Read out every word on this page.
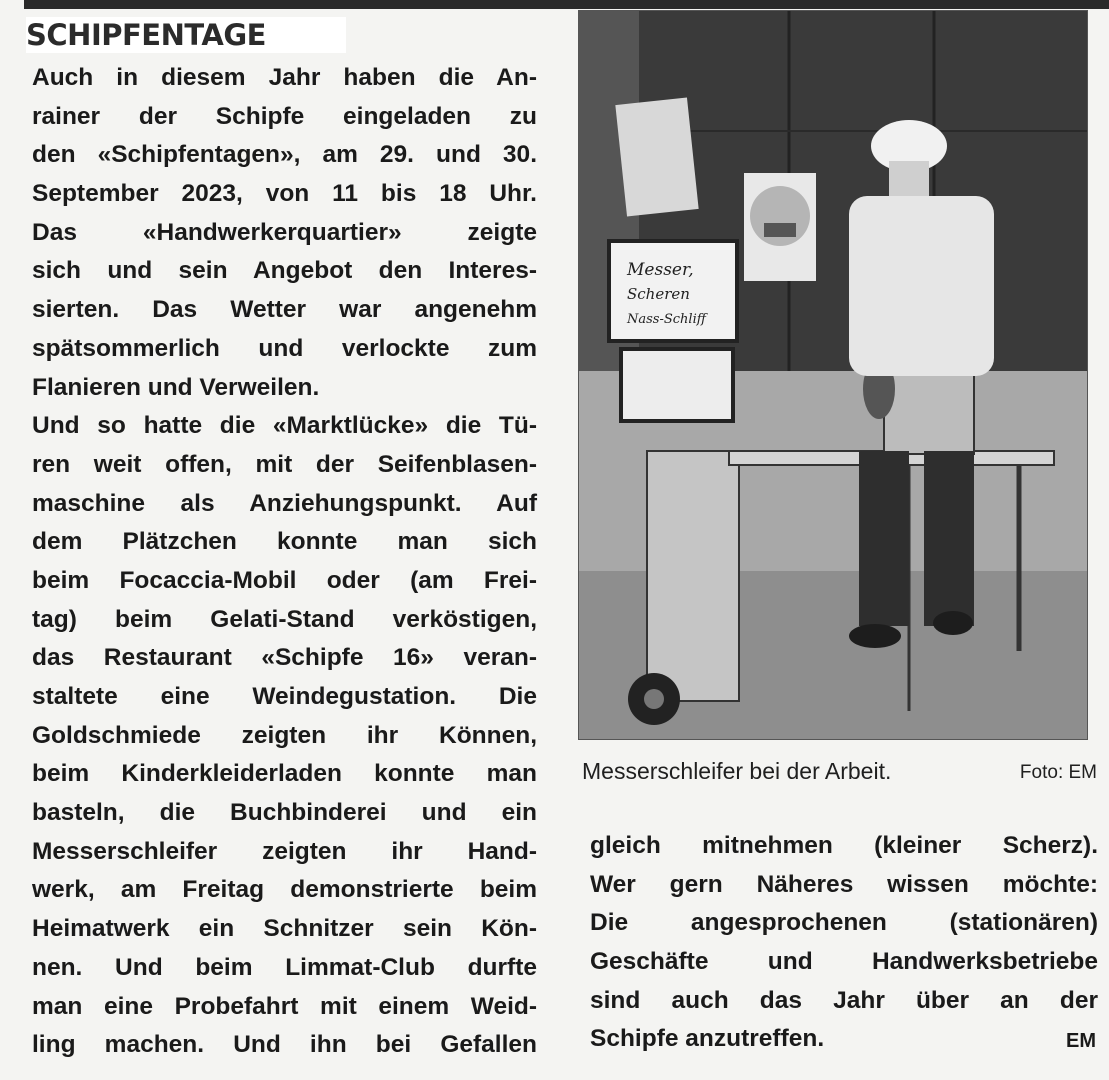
SCHIPFENTAGE
Auch in diesem Jahr haben die An-
rainer der Schipfe eingeladen zu
den «Schipfentagen», am 29. und 30.
September 2023, von 11 bis 18 Uhr.
Das «Handwerkerquartier» zeigte
sich und sein Angebot den Interes-
sierten. Das Wetter war angenehm
spätsommerlich und verlockte zum
Flanieren und Verweilen.
Und so hatte die «Marktlücke» die Tü-
ren weit offen, mit der Seifenblasen-
maschine als Anziehungspunkt. Auf
dem Plätzchen konnte man sich
beim Focaccia-Mobil oder (am Frei-
tag) beim Gelati-Stand verköstigen,
das Restaurant «Schipfe 16» veran-
staltete eine Weindegustation. Die
Goldschmiede zeigten ihr Können,
beim Kinderkleiderladen konnte man
basteln, die Buchbinderei und ein
Messerschleifer zeigten ihr Hand-
werk, am Freitag demonstrierte beim
Heimatwerk ein Schnitzer sein Kön-
nen. Und beim Limmat-Club durfte
man eine Probefahrt mit einem Weid-
ling machen. Und ihn bei Gefallen
Messer,
Scheren
Nass-Schliff
Messerschleifer bei der Arbeit.	Foto: EM
gleich mitnehmen (kleiner Scherz).
Wer gern Näheres wissen möchte:
Die angesprochenen (stationären)
Geschäfte und Handwerksbetriebe
sind auch das Jahr über an der
Schipfe anzutreffen.	EM
